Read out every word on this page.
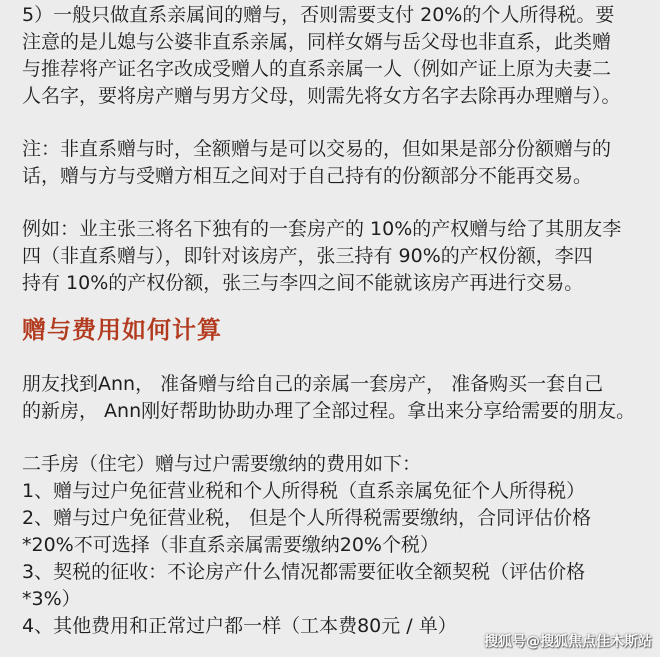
5）一般只做直系亲属间的赠与，否则需要支付 20%的个人所得税。要
注意的是儿媳与公婆非直系亲属，同样女婿与岳父母也非直系，此类赠
与推荐将产证名字改成受赠人的直系亲属一人（例如产证上原为夫妻二
人名字，要将房产赠与男方父母，则需先将女方名字去除再办理赠与）。
注：非直系赠与时，全额赠与是可以交易的，但如果是部分份额赠与的
话，赠与方与受赠方相互之间对于自己持有的份额部分不能再交易。
例如：业主张三将名下独有的一套房产的 10%的产权赠与给了其朋友李
四（非直系赠与），即针对该房产，张三持有 90%的产权份额，李四
持有 10%的产权份额，张三与李四之间不能就该房产再进行交易。
赠与费用如何计算
朋友找到Ann， 准备赠与给自己的亲属一套房产， 准备购买一套自己
的新房， Ann刚好帮助协助办理了全部过程。拿出来分享给需要的朋友。
二手房（住宅）赠与过户需要缴纳的费用如下：
1、赠与过户免征营业税和个人所得税（直系亲属免征个人所得税）
2、赠与过户免征营业税， 但是个人所得税需要缴纳，合同评估价格
*20%不可选择（非直系亲属需要缴纳20%个税）
3、契税的征收：不论房产什么情况都需要征收全额契税（评估价格
*3%）
4、其他费用和正常过户都一样（工本费80元 / 单）
搜狐号@搜狐焦点佳木斯站
